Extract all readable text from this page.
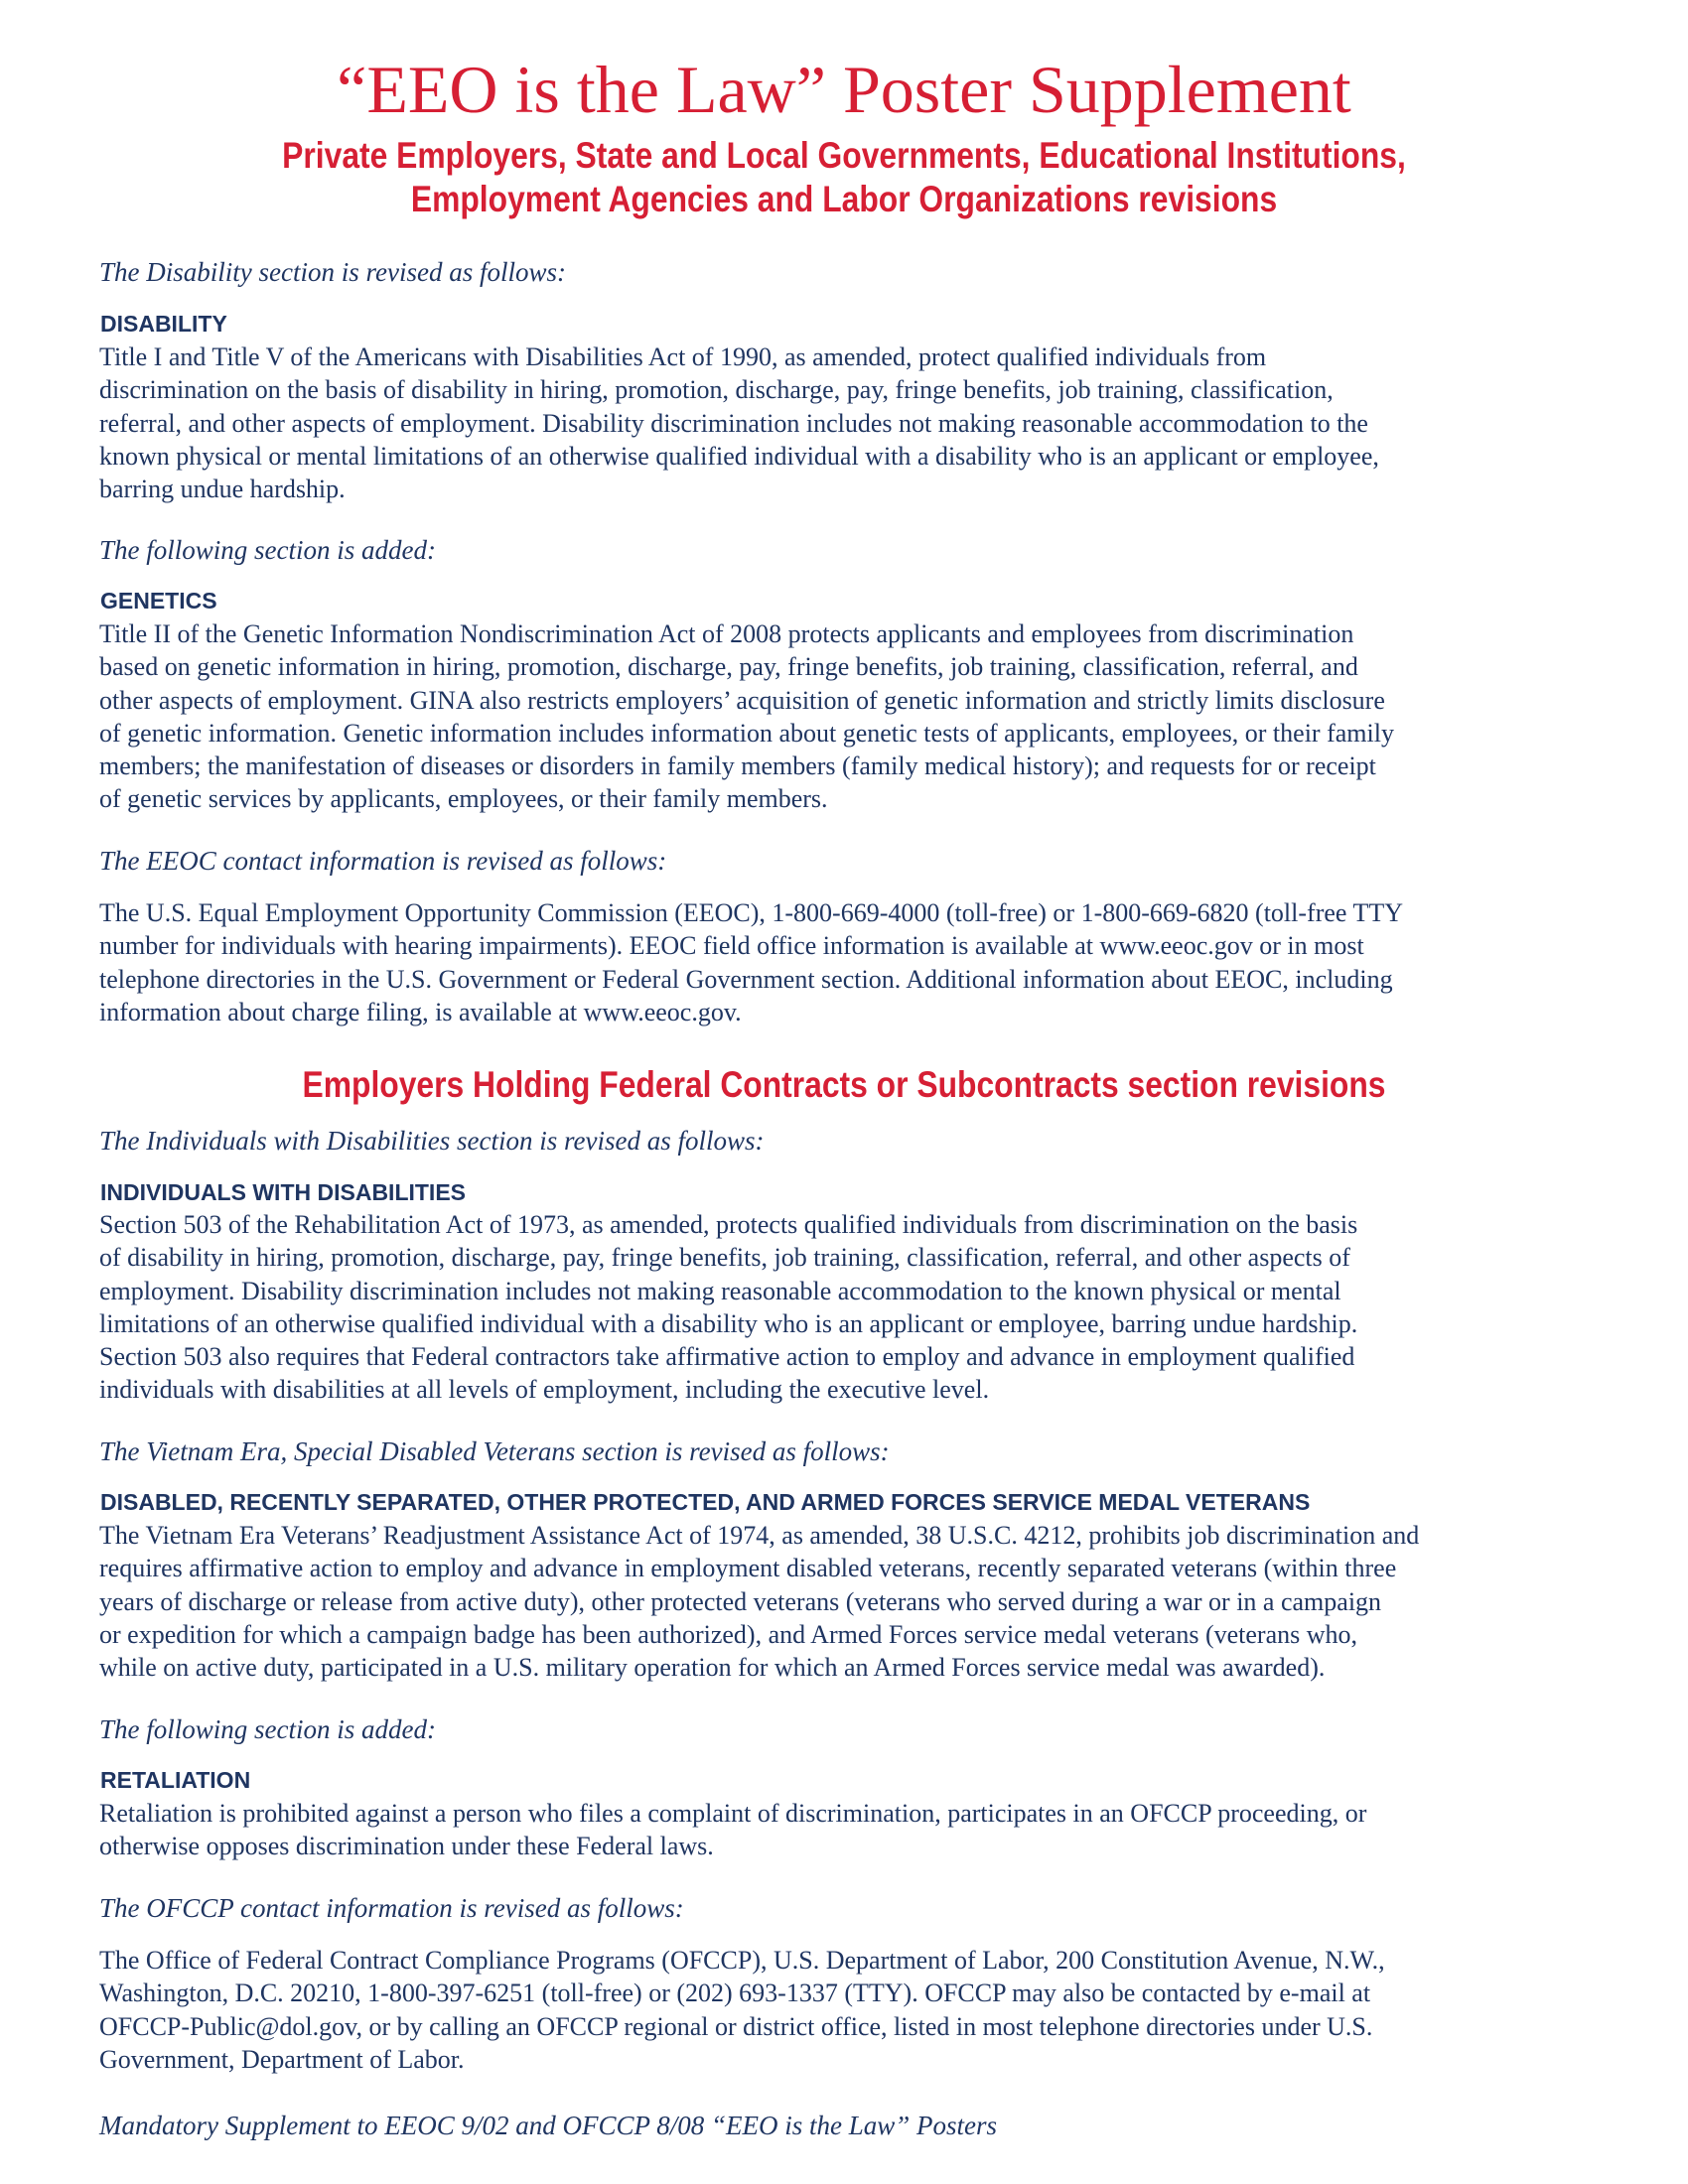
“EEO is the Law” Poster Supplement
Private Employers, State and Local Governments, Educational Institutions,
Employment Agencies and Labor Organizations revisions

The Disability section is revised as follows:

DISABILITY
Title I and Title V of the Americans with Disabilities Act of 1990, as amended, protect qualified individuals from
discrimination on the basis of disability in hiring, promotion, discharge, pay, fringe benefits, job training, classification,
referral, and other aspects of employment. Disability discrimination includes not making reasonable accommodation to the
known physical or mental limitations of an otherwise qualified individual with a disability who is an applicant or employee,
barring undue hardship.

The following section is added:

GENETICS
Title II of the Genetic Information Nondiscrimination Act of 2008 protects applicants and employees from discrimination
based on genetic information in hiring, promotion, discharge, pay, fringe benefits, job training, classification, referral, and
other aspects of employment. GINA also restricts employers’ acquisition of genetic information and strictly limits disclosure
of genetic information. Genetic information includes information about genetic tests of applicants, employees, or their family
members; the manifestation of diseases or disorders in family members (family medical history); and requests for or receipt
of genetic services by applicants, employees, or their family members.

The EEOC contact information is revised as follows:

The U.S. Equal Employment Opportunity Commission (EEOC), 1-800-669-4000 (toll-free) or 1-800-669-6820 (toll-free TTY
number for individuals with hearing impairments). EEOC field office information is available at www.eeoc.gov or in most
telephone directories in the U.S. Government or Federal Government section. Additional information about EEOC, including
information about charge filing, is available at www.eeoc.gov.
Employers Holding Federal Contracts or Subcontracts section revisions

The Individuals with Disabilities section is revised as follows:

INDIVIDUALS WITH DISABILITIES
Section 503 of the Rehabilitation Act of 1973, as amended, protects qualified individuals from discrimination on the basis
of disability in hiring, promotion, discharge, pay, fringe benefits, job training, classification, referral, and other aspects of
employment. Disability discrimination includes not making reasonable accommodation to the known physical or mental
limitations of an otherwise qualified individual with a disability who is an applicant or employee, barring undue hardship.
Section 503 also requires that Federal contractors take affirmative action to employ and advance in employment qualified
individuals with disabilities at all levels of employment, including the executive level.

The Vietnam Era, Special Disabled Veterans section is revised as follows:

DISABLED, RECENTLY SEPARATED, OTHER PROTECTED, AND ARMED FORCES SERVICE MEDAL VETERANS
The Vietnam Era Veterans’ Readjustment Assistance Act of 1974, as amended, 38 U.S.C. 4212, prohibits job discrimination and
requires affirmative action to employ and advance in employment disabled veterans, recently separated veterans (within three
years of discharge or release from active duty), other protected veterans (veterans who served during a war or in a campaign
or expedition for which a campaign badge has been authorized), and Armed Forces service medal veterans (veterans who,
while on active duty, participated in a U.S. military operation for which an Armed Forces service medal was awarded).

The following section is added:

RETALIATION
Retaliation is prohibited against a person who files a complaint of discrimination, participates in an OFCCP proceeding, or
otherwise opposes discrimination under these Federal laws.

The OFCCP contact information is revised as follows:

The Office of Federal Contract Compliance Programs (OFCCP), U.S. Department of Labor, 200 Constitution Avenue, N.W.,
Washington, D.C. 20210, 1-800-397-6251 (toll-free) or (202) 693-1337 (TTY). OFCCP may also be contacted by e-mail at
OFCCP-Public@dol.gov, or by calling an OFCCP regional or district office, listed in most telephone directories under U.S.
Government, Department of Labor.

Mandatory Supplement to EEOC 9/02 and OFCCP 8/08 “EEO is the Law” Posters
